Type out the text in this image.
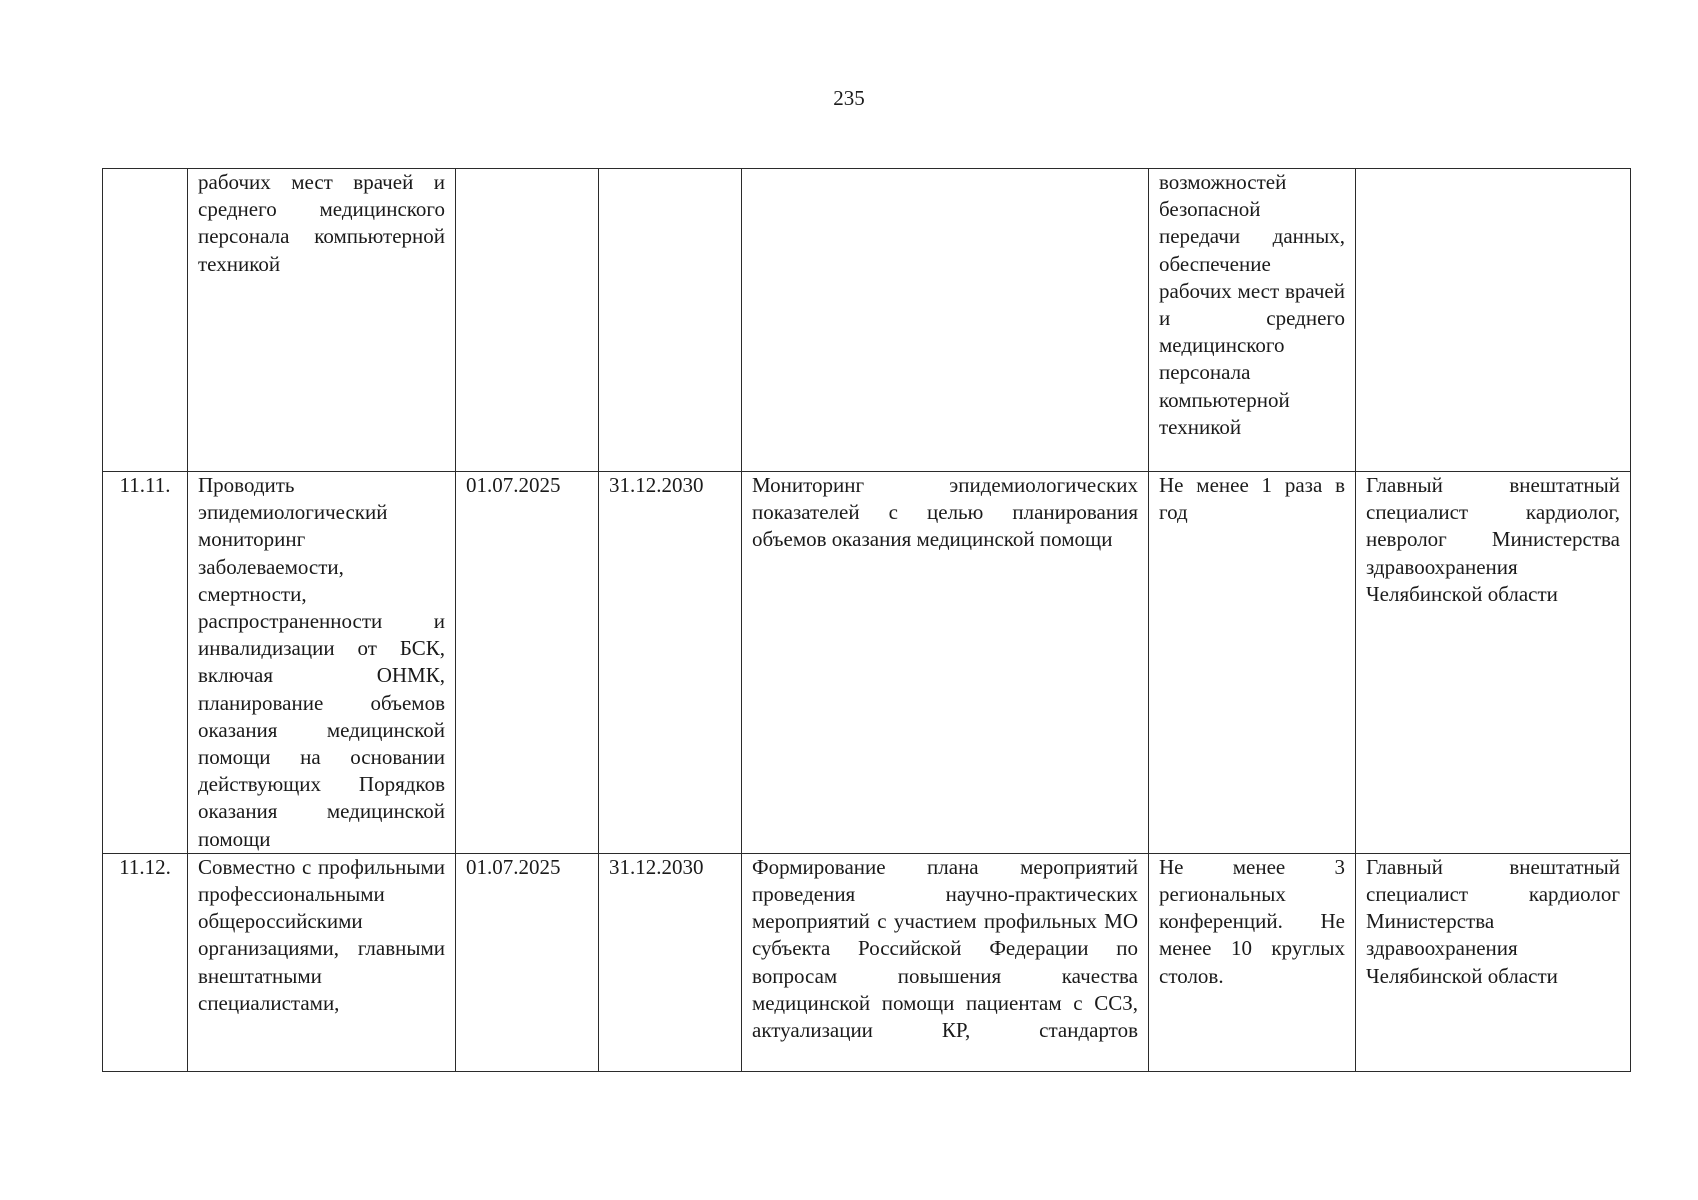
235
	рабочих мест врачей и среднего медицинского персонала компьютерной техникой				возможностей безопасной передачи данных, обеспечение рабочих мест врачей и среднего медицинского персонала компьютерной техникой	
11.11.	Проводить эпидемиологический мониторинг заболеваемости, смертности, распространенности и инвалидизации от БСК, включая ОНМК, планирование объемов оказания медицинской помощи на основании действующих Порядков оказания медицинской помощи	01.07.2025	31.12.2030	Мониторинг эпидемиологических показателей с целью планирования объемов оказания медицинской помощи	Не менее 1 раза в год	Главный внештатный специалист кардиолог, невролог Министерства здравоохранения Челябинской области
11.12.	Совместно с профильными профессиональными общероссийскими организациями, главными внештатными специалистами,	01.07.2025	31.12.2030	Формирование плана мероприятий проведения научно-практических мероприятий с участием профильных МО субъекта Российской Федерации по вопросам повышения качества медицинской помощи пациентам с ССЗ, актуализации КР, стандартов	Не менее 3 региональных конференций. Не менее 10 круглых столов.	Главный внештатный специалист кардиолог Министерства здравоохранения Челябинской области
